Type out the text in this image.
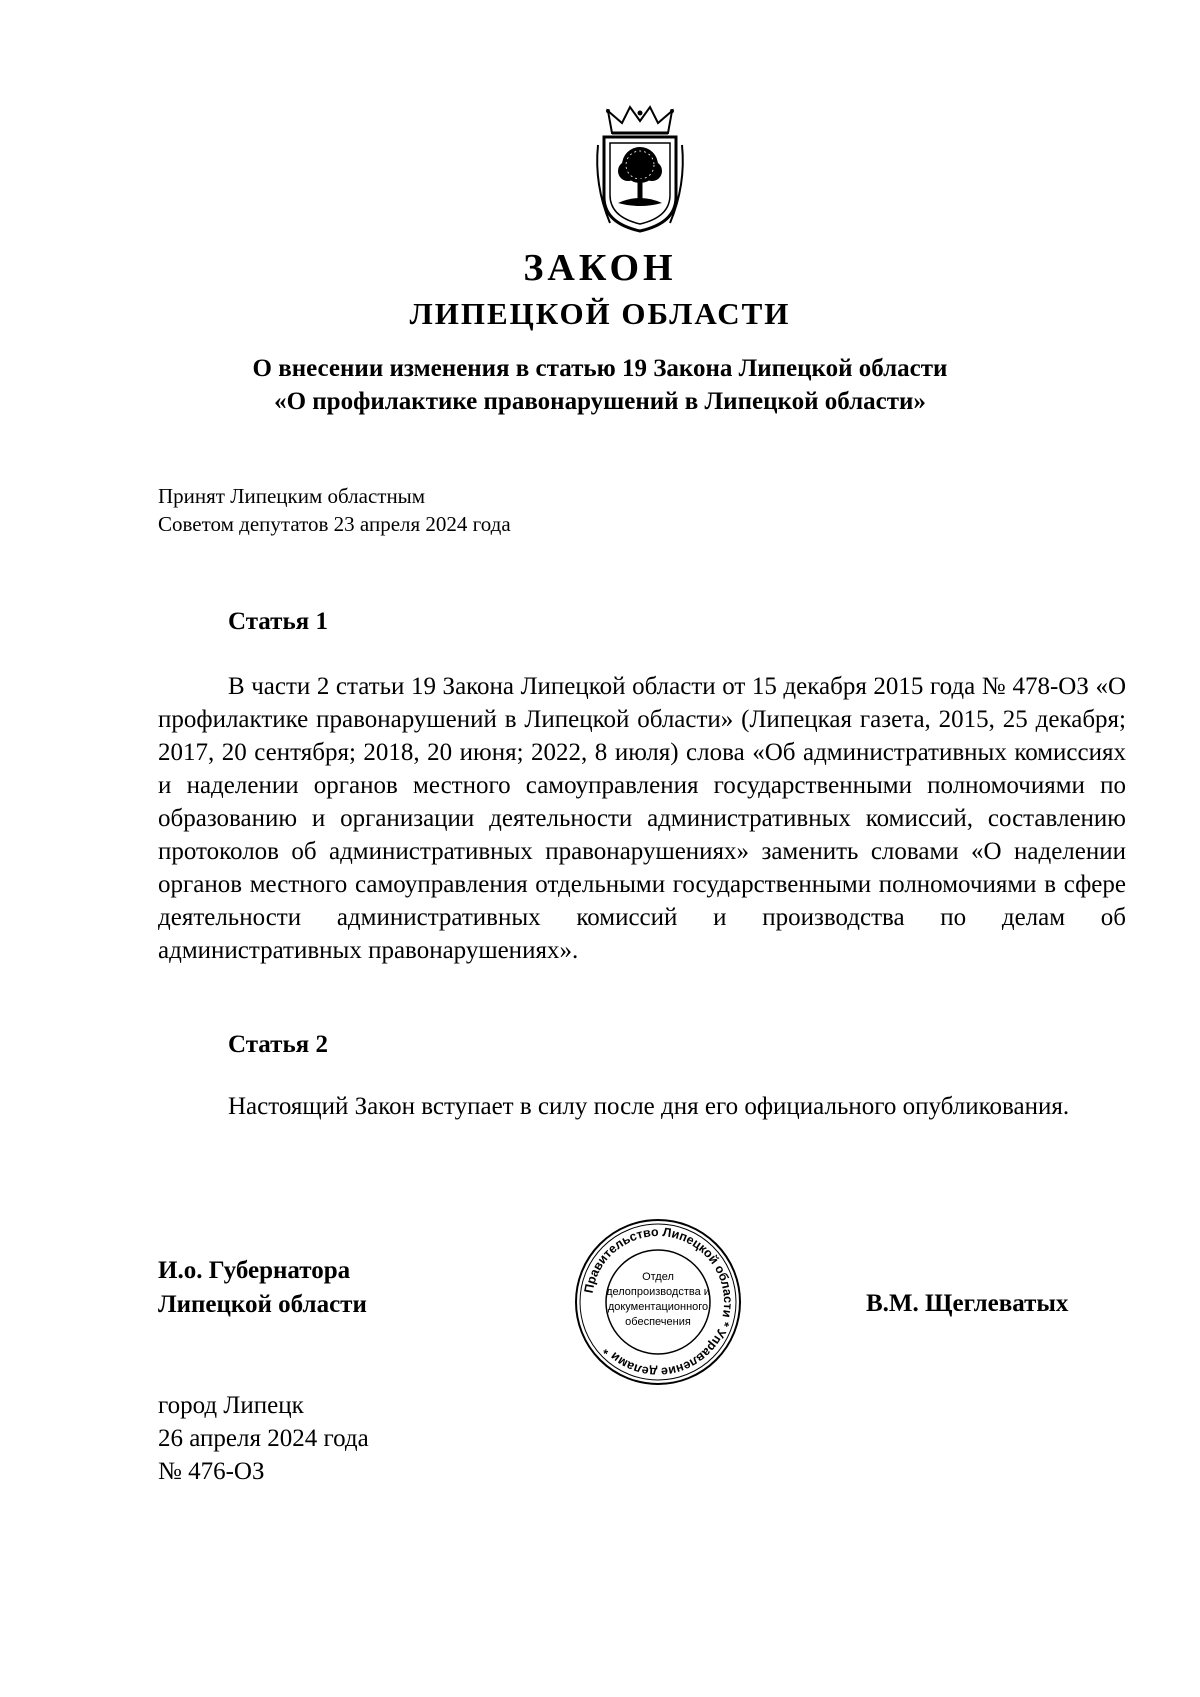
ЗАКОН
ЛИПЕЦКОЙ ОБЛАСТИ
О внесении изменения в статью 19 Закона Липецкой области
«О профилактике правонарушений в Липецкой области»
Принят Липецким областным
Советом депутатов 23 апреля 2024 года
Статья 1

В части 2 статьи 19 Закона Липецкой области от 15 декабря 2015 года № 478-ОЗ «О профилактике правонарушений в Липецкой области» (Липецкая газета, 2015, 25 декабря; 2017, 20 сентября; 2018, 20 июня; 2022, 8 июля) слова «Об административных комиссиях и наделении органов местного самоуправления государственными полномочиями по образованию и организации деятельности административных комиссий, составлению протоколов об административных правонарушениях» заменить словами «О наделении органов местного самоуправления отдельными государственными полномочиями в сфере деятельности административных комиссий и производства по делам об административных правонарушениях».

Статья 2

Настоящий Закон вступает в силу после дня его официального опубликования.

И.о. Губернатора
Липецкой области
Правительство Липецкой области * Управление делами *
Отдел
делопроизводства и
документационного
обеспечения
В.М. Щеглеватых
город Липецк
26 апреля 2024 года
№ 476-ОЗ
